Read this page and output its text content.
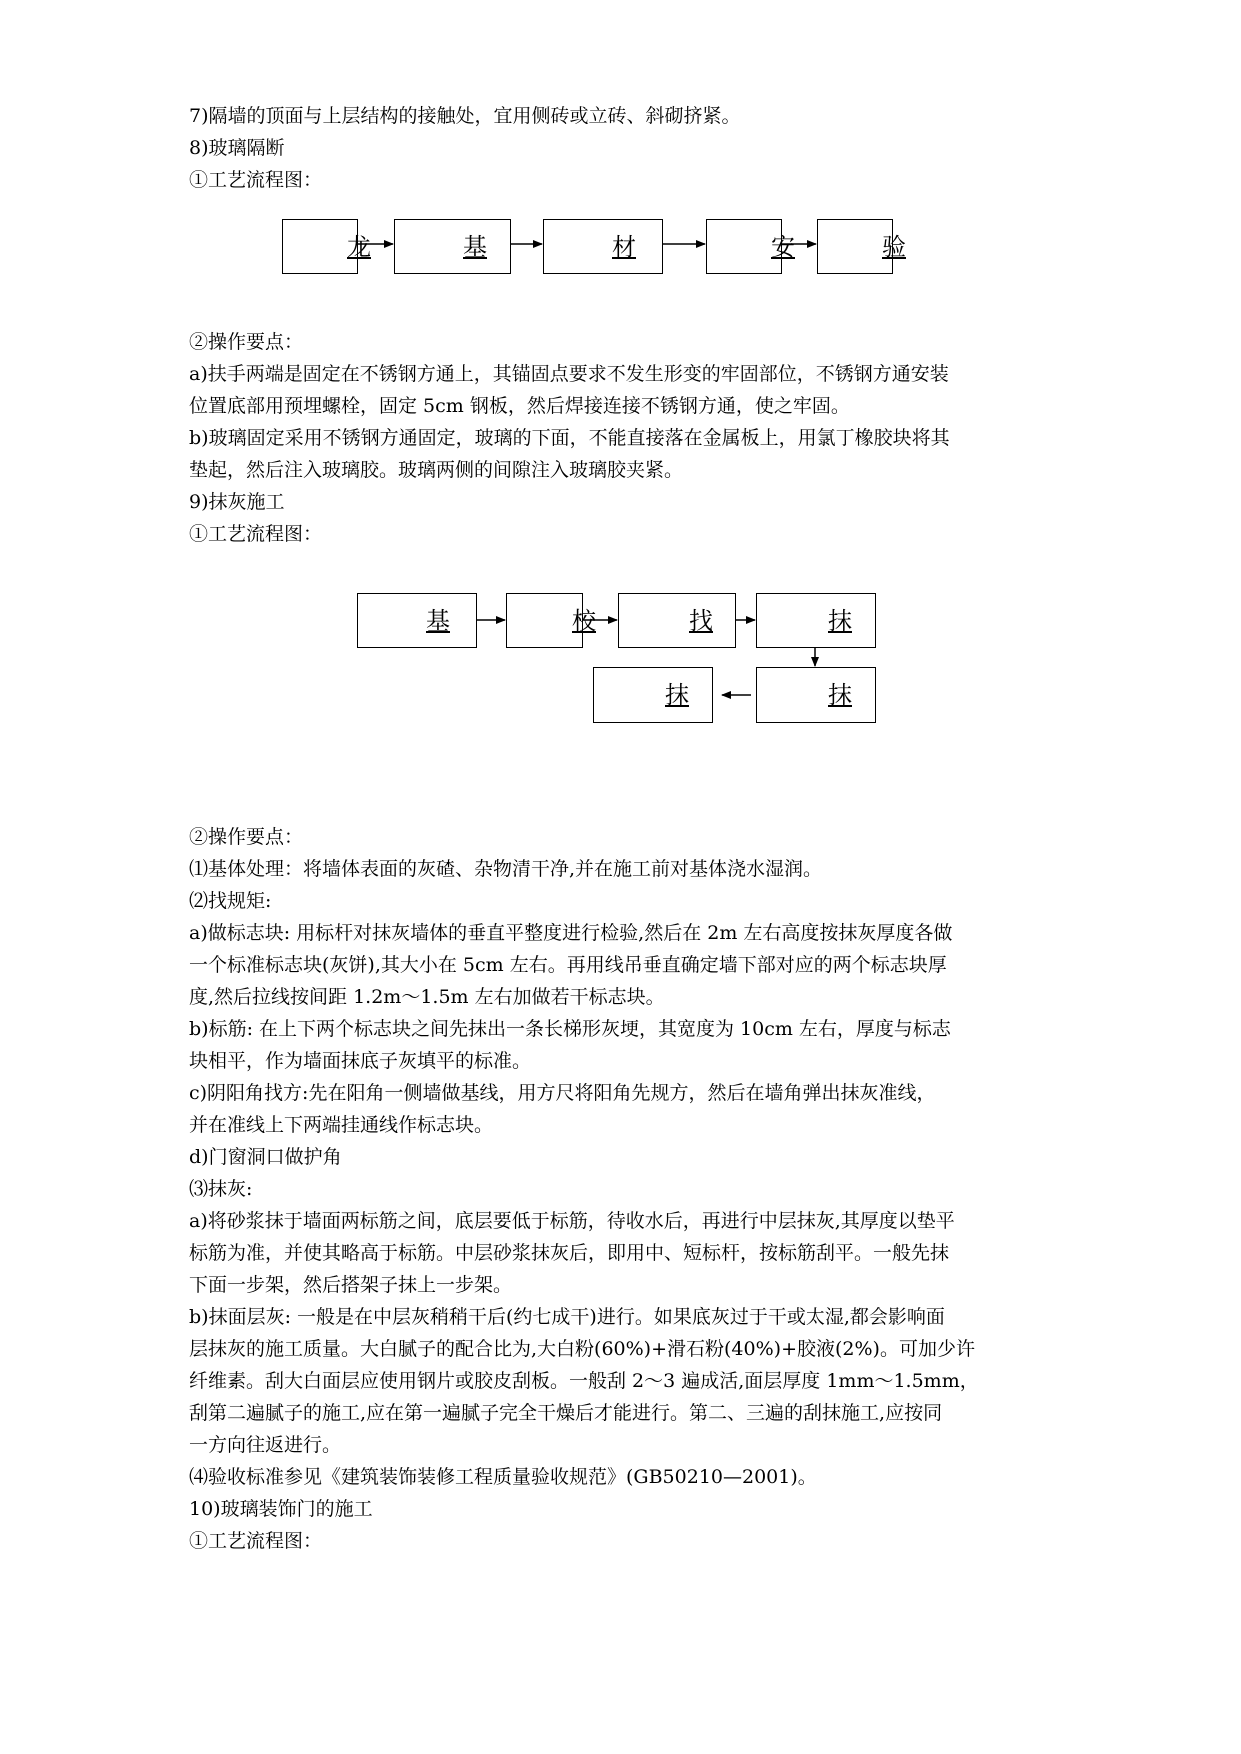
7)隔墙的顶面与上层结构的接触处，宜用侧砖或立砖、斜砌挤紧。
8)玻璃隔断
①工艺流程图：
龙	基	材	安	验
②操作要点：
a)扶手两端是固定在不锈钢方通上，其锚固点要求不发生形变的牢固部位，不锈钢方通安装
位置底部用预埋螺栓，固定 5cm 钢板，然后焊接连接不锈钢方通，使之牢固。
b)玻璃固定采用不锈钢方通固定，玻璃的下面，不能直接落在金属板上，用氯丁橡胶块将其
垫起，然后注入玻璃胶。玻璃两侧的间隙注入玻璃胶夹紧。
9)抹灰施工
①工艺流程图：
基	校	找	抹
抹
抹
②操作要点：
⑴基体处理：将墙体表面的灰碴、杂物清干净,并在施工前对基体浇水湿润。
⑵找规矩:
a)做标志块: 用标杆对抹灰墙体的垂直平整度进行检验,然后在 2m 左右高度按抹灰厚度各做
一个标准标志块(灰饼),其大小在 5cm 左右。再用线吊垂直确定墙下部对应的两个标志块厚
度,然后拉线按间距 1.2m～1.5m 左右加做若干标志块。
b)标筋: 在上下两个标志块之间先抹出一条长梯形灰埂，其宽度为 10cm 左右，厚度与标志
块相平，作为墙面抹底子灰填平的标准。
c)阴阳角找方:先在阳角一侧墙做基线，用方尺将阳角先规方，然后在墙角弹出抹灰准线，
并在准线上下两端挂通线作标志块。
d)门窗洞口做护角
⑶抹灰:
a)将砂浆抹于墙面两标筋之间，底层要低于标筋，待收水后，再进行中层抹灰,其厚度以垫平
标筋为准，并使其略高于标筋。中层砂浆抹灰后，即用中、短标杆，按标筋刮平。一般先抹
下面一步架，然后搭架子抹上一步架。
b)抹面层灰: 一般是在中层灰稍稍干后(约七成干)进行。如果底灰过于干或太湿,都会影响面
层抹灰的施工质量。大白腻子的配合比为,大白粉(60%)+滑石粉(40%)+胶液(2%)。可加少许
纤维素。刮大白面层应使用钢片或胶皮刮板。一般刮 2～3 遍成活,面层厚度 1mm～1.5mm，
刮第二遍腻子的施工,应在第一遍腻子完全干燥后才能进行。第二、三遍的刮抹施工,应按同
一方向往返进行。
⑷验收标准参见《建筑装饰装修工程质量验收规范》(GB50210—2001)。
10)玻璃装饰门的施工
①工艺流程图：
